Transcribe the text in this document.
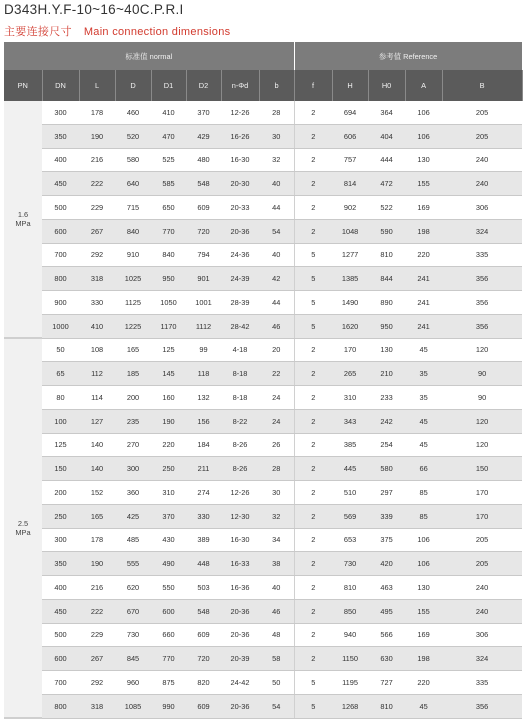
D343H.Y.F-10~16~40C.P.R.I
主要连接尺寸 Main connection dimensions
标准值 normal								参考值 Reference				
PN	DN	L	D	D1	D2	n-Φd	b	f	H	H0	A	B
1.6
MPa	300	178	460	410	370	12-26	28	2	694	364	106	205
	350	190	520	470	429	16-26	30	2	606	404	106	205
	400	216	580	525	480	16-30	32	2	757	444	130	240
	450	222	640	585	548	20-30	40	2	814	472	155	240
	500	229	715	650	609	20-33	44	2	902	522	169	306
	600	267	840	770	720	20-36	54	2	1048	590	198	324
	700	292	910	840	794	24-36	40	5	1277	810	220	335
	800	318	1025	950	901	24-39	42	5	1385	844	241	356
	900	330	1125	1050	1001	28-39	44	5	1490	890	241	356
	1000	410	1225	1170	1112	28-42	46	5	1620	950	241	356
2.5
MPa	50	108	165	125	99	4-18	20	2	170	130	45	120
	65	112	185	145	118	8-18	22	2	265	210	35	90
	80	114	200	160	132	8-18	24	2	310	233	35	90
	100	127	235	190	156	8-22	24	2	343	242	45	120
	125	140	270	220	184	8-26	26	2	385	254	45	120
	150	140	300	250	211	8-26	28	2	445	580	66	150
	200	152	360	310	274	12-26	30	2	510	297	85	170
	250	165	425	370	330	12-30	32	2	569	339	85	170
	300	178	485	430	389	16-30	34	2	653	375	106	205
	350	190	555	490	448	16-33	38	2	730	420	106	205
	400	216	620	550	503	16-36	40	2	810	463	130	240
	450	222	670	600	548	20-36	46	2	850	495	155	240
	500	229	730	660	609	20-36	48	2	940	566	169	306
	600	267	845	770	720	20-39	58	2	1150	630	198	324
	700	292	960	875	820	24-42	50	5	1195	727	220	335
	800	318	1085	990	609	20-36	54	5	1268	810	45	356
